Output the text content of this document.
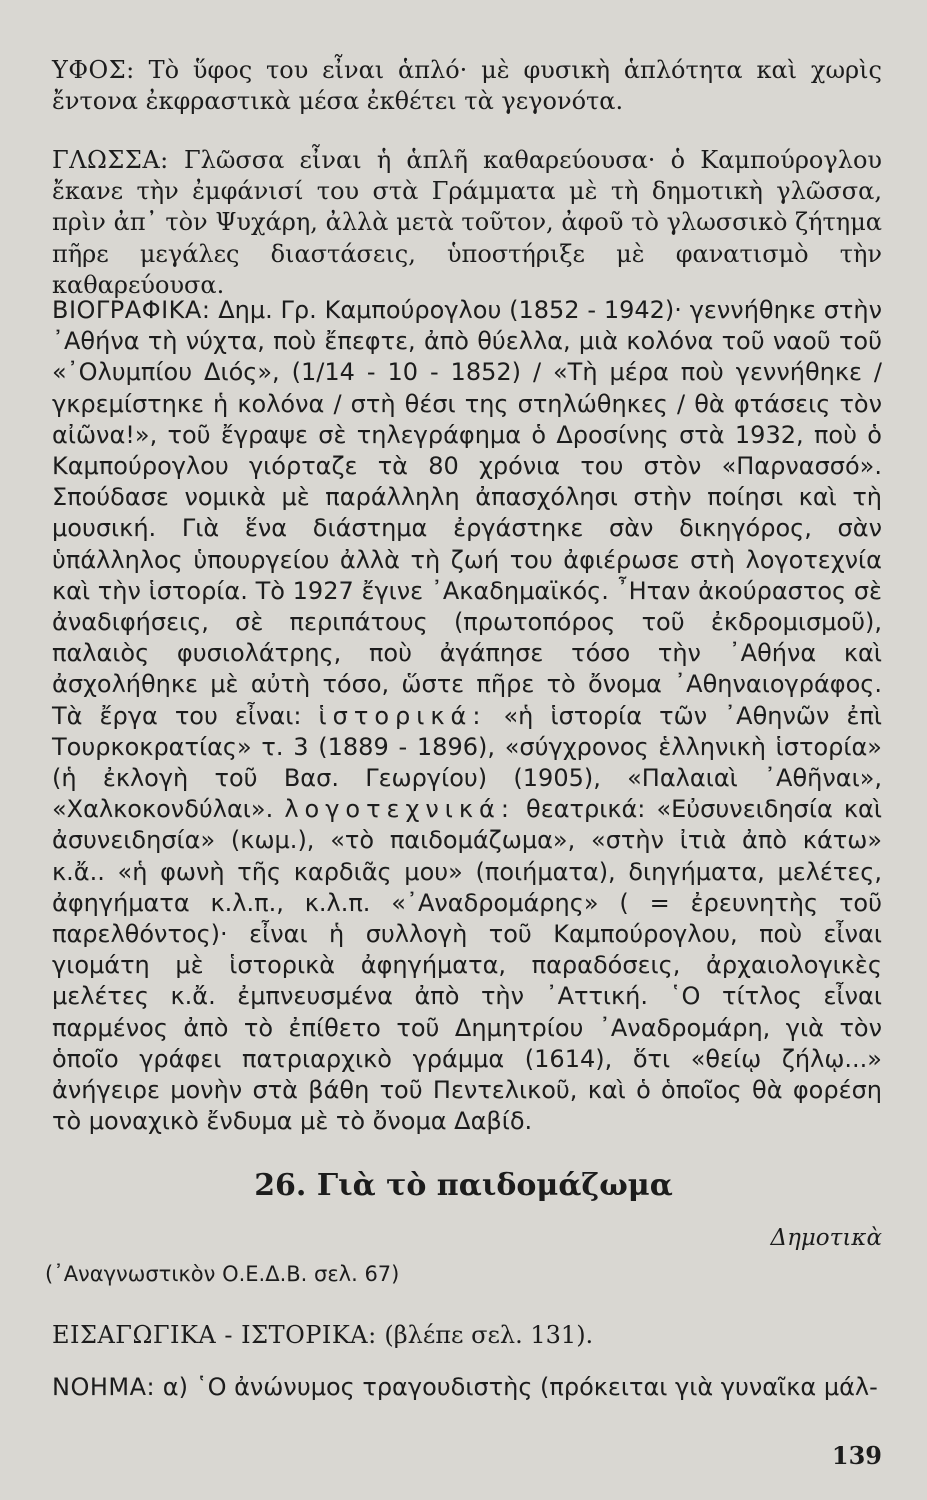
ΥΦΟΣ: Τὸ ὕφος του εἶναι ἁπλό· μὲ φυσικὴ ἁπλότητα καὶ χωρὶς ἔντονα ἐκφραστικὰ μέσα ἐκθέτει τὰ γεγονότα.

ΓΛΩΣΣΑ: Γλῶσσα εἶναι ἡ ἁπλῆ καθαρεύουσα· ὁ Καμπούρογλου ἔκανε τὴν ἐμφάνισί του στὰ Γράμματα μὲ τὴ δημοτικὴ γλῶσσα, πρὶν ἀπ᾽ τὸν Ψυχάρη, ἀλλὰ μετὰ τοῦτον, ἀφοῦ τὸ γλωσσικὸ ζήτημα πῆρε μεγάλες διαστάσεις, ὑποστήριξε μὲ φανατισμὸ τὴν καθαρεύουσα.

ΒΙΟΓΡΑΦΙΚΑ: Δημ. Γρ. Καμπούρογλου (1852 - 1942)· γεννήθηκε στὴν ᾽Αθήνα τὴ νύχτα, ποὺ ἔπεφτε, ἀπὸ θύελλα, μιὰ κολόνα τοῦ ναοῦ τοῦ «᾽Ολυμπίου Διός», (1/14 - 10 - 1852) / «Τὴ μέρα ποὺ γεννήθηκε / γκρεμίστηκε ἡ κολόνα / στὴ θέσι της στηλώθηκες / θὰ φτάσεις τὸν αἰῶνα!», τοῦ ἔγραψε σὲ τηλεγράφημα ὁ Δροσίνης στὰ 1932, ποὺ ὁ Καμπούρογλου γιόρταζε τὰ 80 χρόνια του στὸν «Παρνασσό». Σπούδασε νομικὰ μὲ παράλληλη ἀπασχόλησι στὴν ποίησι καὶ τὴ μουσική. Γιὰ ἕνα διάστημα ἐργάστηκε σὰν δικηγόρος, σὰν ὑπάλληλος ὑπουργείου ἀλλὰ τὴ ζωή του ἀφιέρωσε στὴ λογοτεχνία καὶ τὴν ἱστορία. Τὸ 1927 ἔγινε ᾽Ακαδημαϊκός. ῏Ηταν ἀκούραστος σὲ ἀναδιφήσεις, σὲ περιπάτους (πρωτοπόρος τοῦ ἐκδρομισμοῦ), παλαιὸς φυσιολάτρης, ποὺ ἀγάπησε τόσο τὴν ᾽Αθήνα καὶ ἀσχολήθηκε μὲ αὐτὴ τόσο, ὥστε πῆρε τὸ ὄνομα ᾽Αθηναιογράφος. Τὰ ἔργα του εἶναι: ἱστορικά: «ἡ ἱστορία τῶν ᾽Αθηνῶν ἐπὶ Τουρκοκρατίας» τ. 3 (1889 - 1896), «σύγχρονος ἑλληνικὴ ἱστορία» (ἡ ἐκλογὴ τοῦ Βασ. Γεωργίου) (1905), «Παλαιαὶ ᾽Αθῆναι», «Χαλκοκονδύλαι». λογοτεχνικά: θεατρικά: «Εὐσυνειδησία καὶ ἀσυνειδησία» (κωμ.), «τὸ παιδομάζωμα», «στὴν ἰτιὰ ἀπὸ κάτω» κ.ἄ.. «ἡ φωνὴ τῆς καρδιᾶς μου» (ποιήματα), διηγήματα, μελέτες, ἀφηγήματα κ.λ.π., κ.λ.π. «᾽Αναδρομάρης» ( = ἐρευνητὴς τοῦ παρελθόντος)· εἶναι ἡ συλλογὴ τοῦ Καμπούρογλου, ποὺ εἶναι γιομάτη μὲ ἱστορικὰ ἀφηγήματα, παραδόσεις, ἀρχαιολογικὲς μελέτες κ.ἄ. ἐμπνευσμένα ἀπὸ τὴν ᾽Αττική. ῾Ο τίτλος εἶναι παρμένος ἀπὸ τὸ ἐπίθετο τοῦ Δημητρίου ᾽Αναδρομάρη, γιὰ τὸν ὁποῖο γράφει πατριαρχικὸ γράμμα (1614), ὅτι «θείῳ ζήλῳ...» ἀνήγειρε μονὴν στὰ βάθη τοῦ Πεντελικοῦ, καὶ ὁ ὁποῖος θὰ φορέση τὸ μοναχικὸ ἔνδυμα μὲ τὸ ὄνομα Δαβίδ.

26. Γιὰ τὸ παιδομάζωμα
Δημοτικὰ
(᾽Αναγνωστικὸν Ο.Ε.Δ.Β. σελ. 67)

ΕΙΣΑΓΩΓΙΚΑ - ΙΣΤΟΡΙΚΑ: (βλέπε σελ. 131).

ΝΟΗΜΑ: α) ῾Ο ἀνώνυμος τραγουδιστὴς (πρόκειται γιὰ γυναῖκα μάλ-

139
